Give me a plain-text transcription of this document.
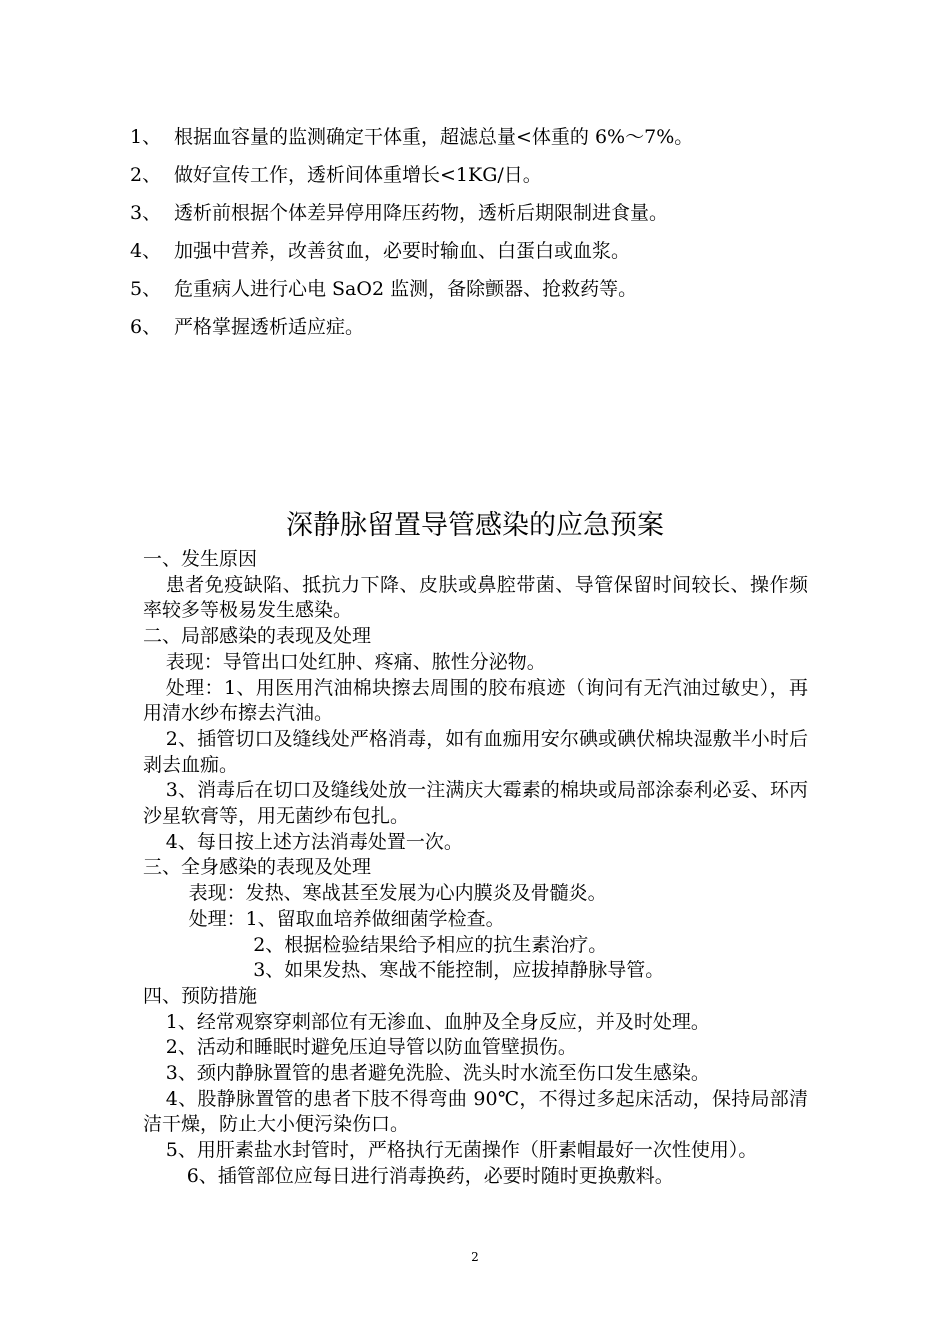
1、 根据血容量的监测确定干体重，超滤总量<体重的 6%～7%。
2、 做好宣传工作，透析间体重增长<1KG/日。
3、 透析前根据个体差异停用降压药物，透析后期限制进食量。
4、 加强中营养，改善贫血，必要时输血、白蛋白或血浆。
5、 危重病人进行心电 SaO2 监测，备除颤器、抢救药等。
6、 严格掌握透析适应症。
深静脉留置导管感染的应急预案

一、发生原因

患者免疫缺陷、抵抗力下降、皮肤或鼻腔带菌、导管保留时间较长、操作频率较多等极易发生感染。

二、局部感染的表现及处理

表现：导管出口处红肿、疼痛、脓性分泌物。

处理：1、用医用汽油棉块擦去周围的胶布痕迹（询问有无汽油过敏史），再用清水纱布擦去汽油。

2、插管切口及缝线处严格消毒，如有血痂用安尔碘或碘伏棉块湿敷半小时后剥去血痂。

3、消毒后在切口及缝线处放一注满庆大霉素的棉块或局部涂泰利必妥、环丙沙星软膏等，用无菌纱布包扎。

4、每日按上述方法消毒处置一次。

三、全身感染的表现及处理

表现：发热、寒战甚至发展为心内膜炎及骨髓炎。

处理：1、留取血培养做细菌学检查。

2、根据检验结果给予相应的抗生素治疗。

3、如果发热、寒战不能控制，应拔掉静脉导管。

四、预防措施

1、经常观察穿刺部位有无渗血、血肿及全身反应，并及时处理。

2、活动和睡眠时避免压迫导管以防血管壁损伤。

3、颈内静脉置管的患者避免洗脸、洗头时水流至伤口发生感染。

4、股静脉置管的患者下肢不得弯曲 90℃，不得过多起床活动，保持局部清洁干燥，防止大小便污染伤口。

5、用肝素盐水封管时，严格执行无菌操作（肝素帽最好一次性使用）。

6、插管部位应每日进行消毒换药，必要时随时更换敷料。

2
